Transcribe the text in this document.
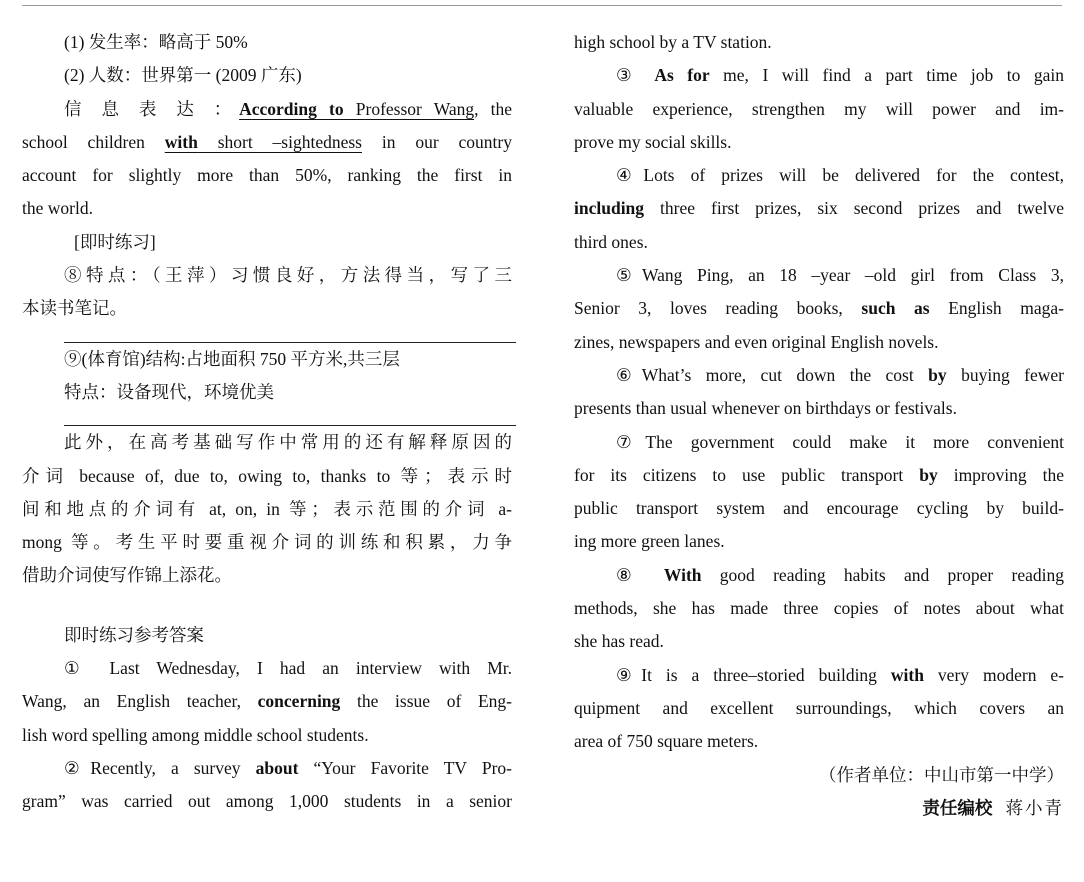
(1) 发生率：略高于 50%

(2) 人数：世界第一 (2009 广东)

信 息 表 达 ：According to Professor Wang, the

school children with short –sightedness in our country

account for slightly more than 50%, ranking the first in

the world.

[即时练习]

⑧特点：（王萍）习惯良好，方法得当，写了三

本读书笔记。

⑨(体育馆)结构:占地面积 750 平方米,共三层

特点：设备现代，环境优美

此外，在高考基础写作中常用的还有解释原因的

介词 because of, due to, owing to, thanks to 等；表示时

间和地点的介词有 at, on, in 等；表示范围的介词 a-

mong 等。考生平时要重视介词的训练和积累，力争

借助介词使写作锦上添花。

即时练习参考答案

① Last Wednesday, I had an interview with Mr.

Wang, an English teacher, concerning the issue of Eng-

lish word spelling among middle school students.

②Recently, a survey about “Your Favorite TV Pro-

gram” was carried out among 1,000 students in a senior

high school by a TV station.

③ As for me, I will find a part time job to gain

valuable experience, strengthen my will power and im-

prove my social skills.

④Lots of prizes will be delivered for the contest,

including three first prizes, six second prizes and twelve

third ones.

⑤Wang Ping, an 18 –year –old girl from Class 3,

Senior 3, loves reading books, such as English maga-

zines, newspapers and even original English novels.

⑥What’s more, cut down the cost by buying fewer

presents than usual whenever on birthdays or festivals.

⑦The government could make it more convenient

for its citizens to use public transport by improving the

public transport system and encourage cycling by build-

ing more green lanes.

⑧ With good reading habits and proper reading

methods, she has made three copies of notes about what

she has read.

⑨It is a three–storied building with very modern e-

quipment and excellent surroundings, which covers an

area of 750 square meters.

（作者单位：中山市第一中学）

责任编校 蒋小青
